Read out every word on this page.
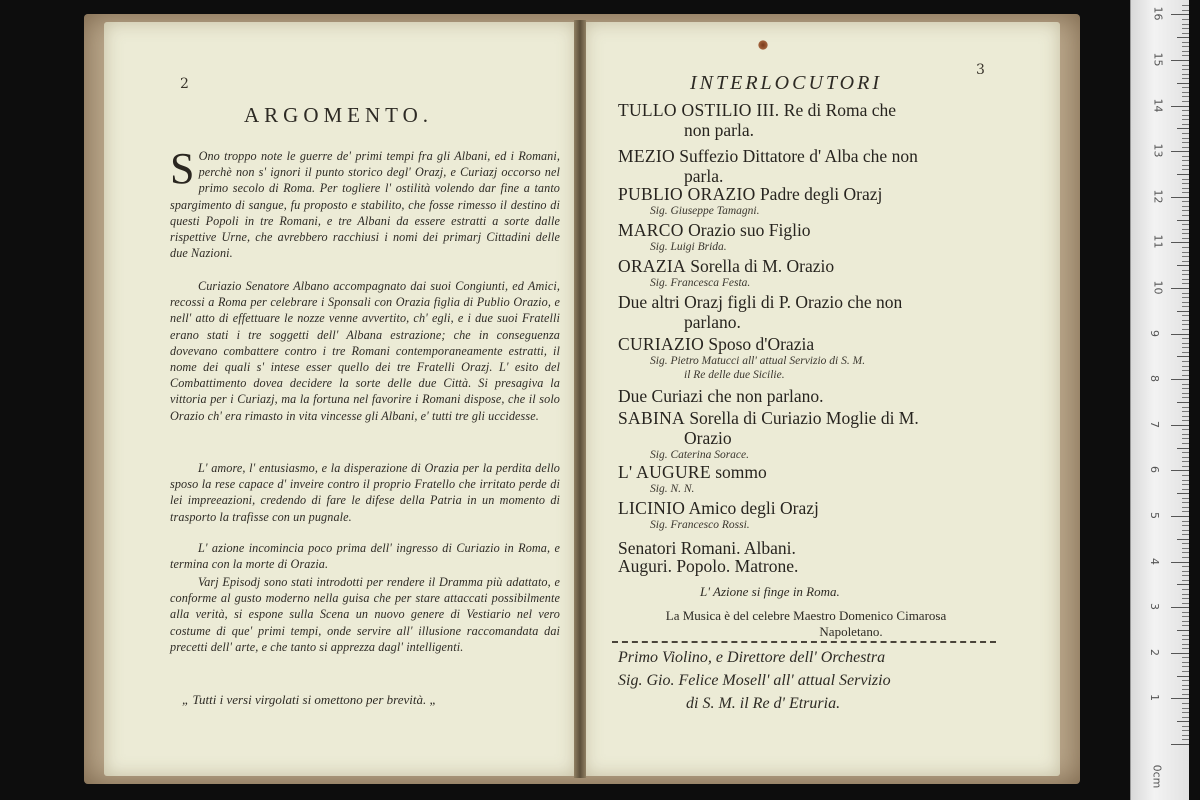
2
ARGOMENTO.

S Ono troppo note le guerre de' primi tempi fra gli Albani, ed i Romani, perchè non s' ignori il punto storico degl' Orazj, e Curiazj occorso nel primo secolo di Roma. Per togliere l' ostilità volendo dar fine a tanto spargimento di sangue, fu proposto e stabilito, che fosse rimesso il destino di questi Popoli in tre Romani, e tre Albani da essere estratti a sorte dalle rispettive Urne, che avrebbero racchiusi i nomi dei primarj Cittadini delle due Nazioni.

Curiazio Senatore Albano accompagnato dai suoi Congiunti, ed Amici, recossi a Roma per celebrare i Sponsali con Orazia figlia di Publio Orazio, e nell' atto di effettuare le nozze venne avvertito, ch' egli, e i due suoi Fratelli erano stati i tre soggetti dell' Albana estrazione; che in conseguenza dovevano combattere contro i tre Romani contemporaneamente estratti, il nome dei quali s' intese esser quello dei tre Fratelli Orazj. L' esito del Combattimento dovea decidere la sorte delle due Città. Si presagiva la vittoria per i Curiazj, ma la fortuna nel favorire i Romani dispose, che il solo Orazio ch' era rimasto in vita vincesse gli Albani, e' tutti tre gli uccidesse.

L' amore, l' entusiasmo, e la disperazione di Orazia per la perdita dello sposo la rese capace d' inveire contro il proprio Fratello che irritato perde di lei impreeazioni, credendo di fare le difese della Patria in un momento di trasporto la trafisse con un pugnale.

L' azione incomincia poco prima dell' ingresso di Curiazio in Roma, e termina con la morte di Orazia.

Varj Episodj sono stati introdotti per rendere il Dramma più adattato, e conforme al gusto moderno nella guisa che per stare attaccati possibilmente alla verità, si espone sulla Scena un nuovo genere di Vestiario nel vero costume di que' primi tempi, onde servire all' illusione raccomandata dai precetti dell' arte, e che tanto si apprezza dagl' intelligenti.

„ Tutti i versi virgolati si omettono per brevità. „
3
INTERLOCUTORI

TULLO OSTILIO III. Re di Roma che
non parla.

MEZIO Suffezio Dittatore d' Alba che non
parla.

PUBLIO ORAZIO Padre degli Orazj
Sig. Giuseppe Tamagni.

MARCO Orazio suo Figlio
Sig. Luigi Brida.

ORAZIA Sorella di M. Orazio
Sig. Francesca Festa.

Due altri Orazj figli di P. Orazio che non
parlano.

CURIAZIO Sposo d'Orazia
Sig. Pietro Matucci all' attual Servizio di S. M.
il Re delle due Sicilie.

Due Curiazi che non parlano.

SABINA Sorella di Curiazio Moglie di M.
Orazio
Sig. Caterina Sorace.

L' AUGURE sommo
Sig. N. N.

LICINIO Amico degli Orazj
Sig. Francesco Rossi.

Senatori Romani. Albani.

Auguri. Popolo. Matrone.

L' Azione si finge in Roma.

La Musica è del celebre Maestro Domenico Cimarosa
Napoletano.

Primo Violino, e Direttore dell' Orchestra
Sig. Gio. Felice Mosell' all' attual Servizio
di S. M. il Re d' Etruria.

0cm
1
2
3
4
5
6
7
8
9
10
11
12
13
14
15
16
